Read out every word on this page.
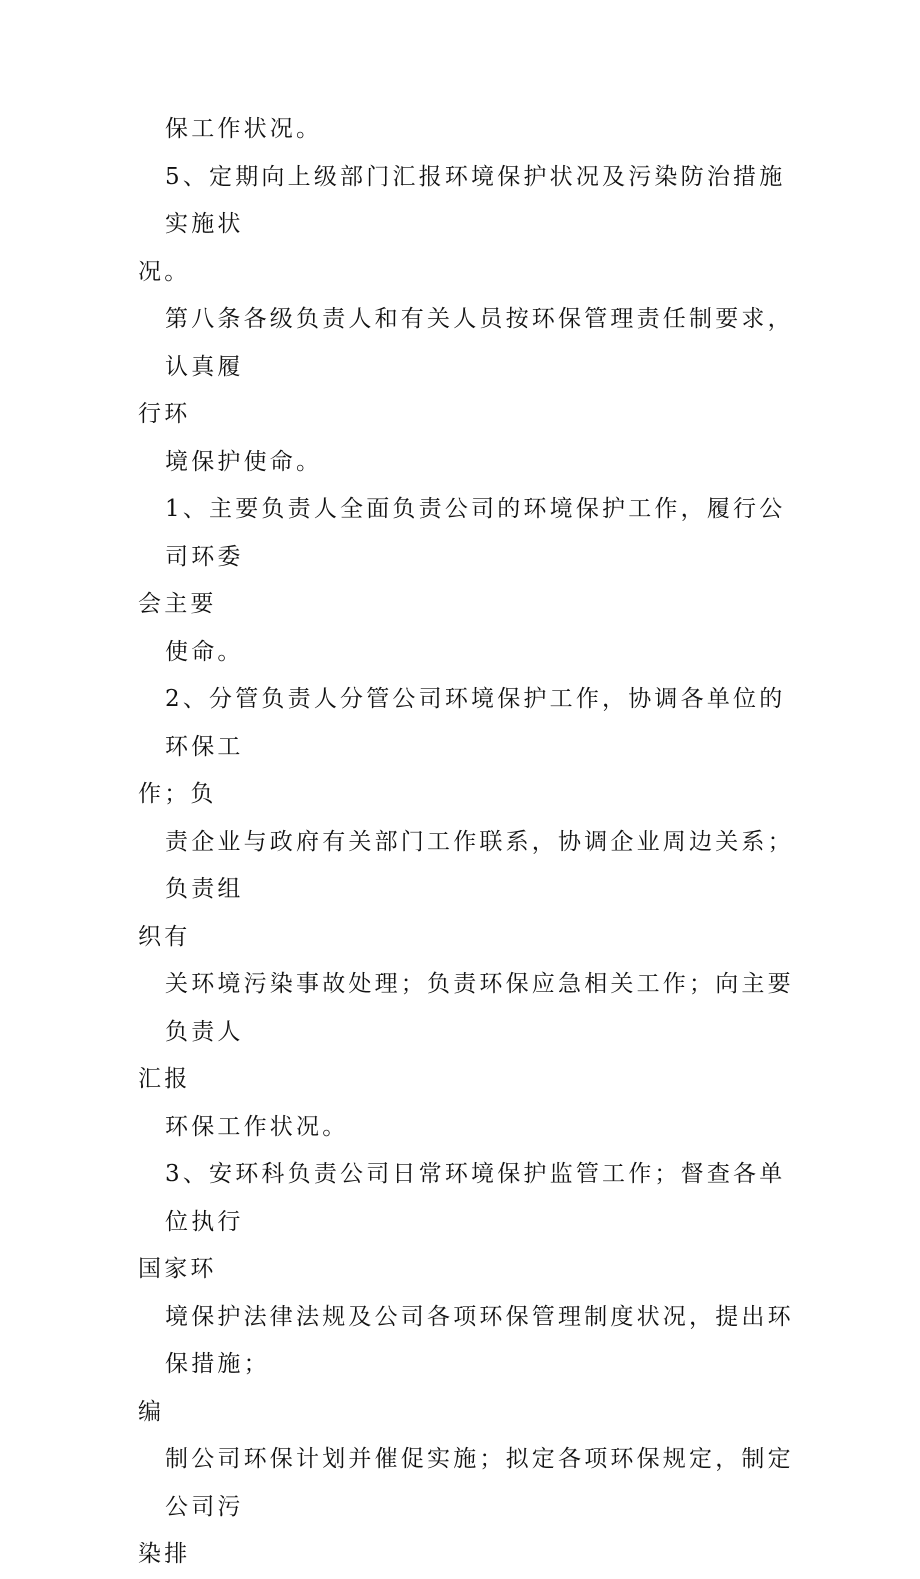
保工作状况。
5、定期向上级部门汇报环境保护状况及污染防治措施实施状
况。
第八条各级负责人和有关人员按环保管理责任制要求，认真履
行环
境保护使命。
1、主要负责人全面负责公司的环境保护工作，履行公司环委
会主要
使命。
2、分管负责人分管公司环境保护工作，协调各单位的环保工
作；负
责企业与政府有关部门工作联系，协调企业周边关系；负责组
织有
关环境污染事故处理；负责环保应急相关工作；向主要负责人
汇报
环保工作状况。
3、安环科负责公司日常环境保护监管工作；督查各单位执行
国家环
境保护法律法规及公司各项环保管理制度状况，提出环保措施；
编
制公司环保计划并催促实施；拟定各项环保规定，制定公司污
染排
